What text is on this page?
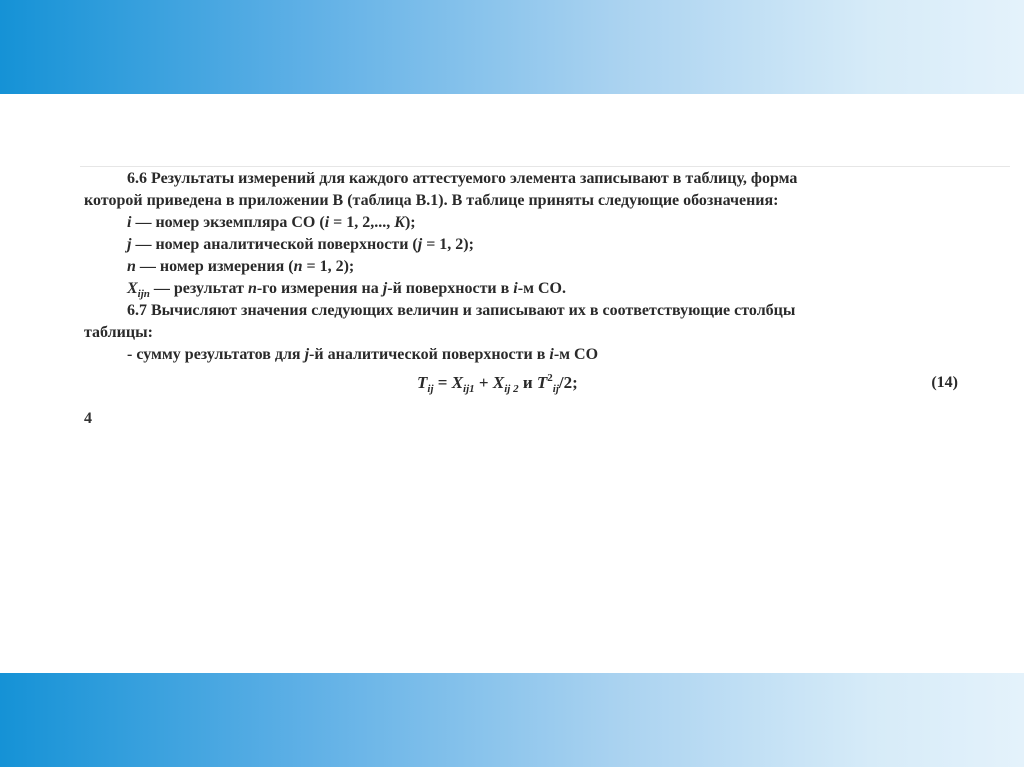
6.6 Результаты измерений для каждого аттестуемого элемента записывают в таблицу, форма

которой приведена в приложении В (таблица В.1). В таблице приняты следующие обозначения:

i — номер экземпляра СО (i = 1, 2,..., K);

j — номер аналитической поверхности (j = 1, 2);

n — номер измерения (n = 1, 2);

$X_{ijn}$ — результат n-го измерения на j-й поверхности в i-м СО.

6.7 Вычисляют значения следующих величин и записывают их в соответствующие столбцы

таблицы:

- сумму результатов для j-й аналитической поверхности в i-м СО

$T_{ij} = X_{ij1} + X_{ij 2}$ и $T^2_{ij}/2$;	(14)
4
